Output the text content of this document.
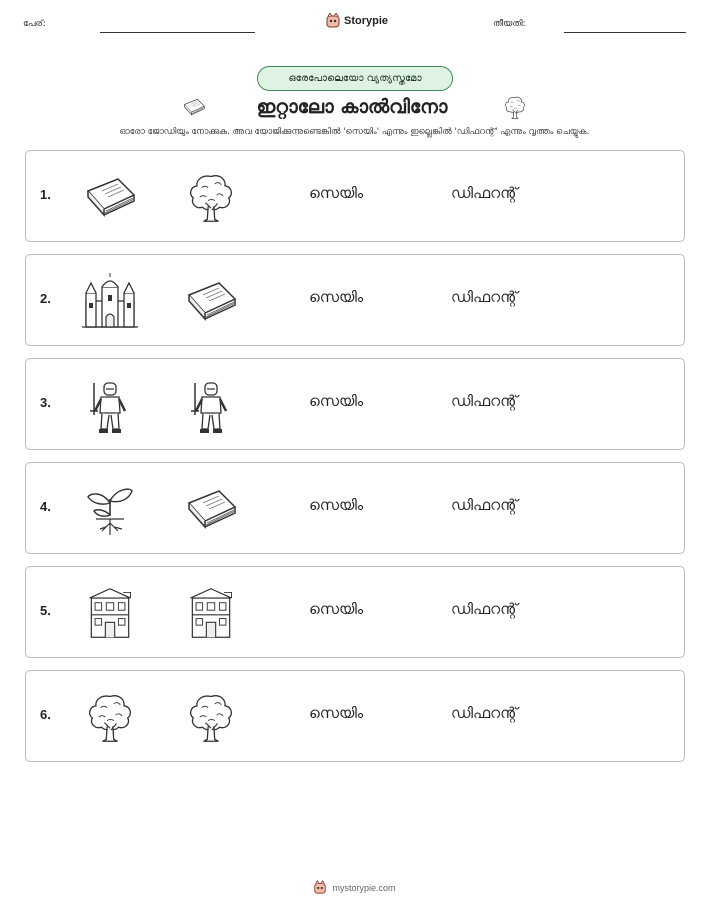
പേര്:	Storypie	തീയതി:
ഒരേപോലെയോ വ്യത്യസ്തമോ
ഇറ്റാലോ കാൽവിനോ
ഓരോ ജോഡിയും നോക്കുക. അവ യോജിക്കുന്നുണ്ടെങ്കിൽ 'സെയിം' എന്നും ഇല്ലെങ്കിൽ 'ഡിഫറന്റ്' എന്നും വൃത്തം ചെയ്യുക.
1.	സെയിം	ഡിഫറന്റ്
2.	സെയിം	ഡിഫറന്റ്
3.	സെയിം	ഡിഫറന്റ്
4.	സെയിം	ഡിഫറന്റ്
5.	സെയിം	ഡിഫറന്റ്
6.	സെയിം	ഡിഫറന്റ്
mystorypie.com
